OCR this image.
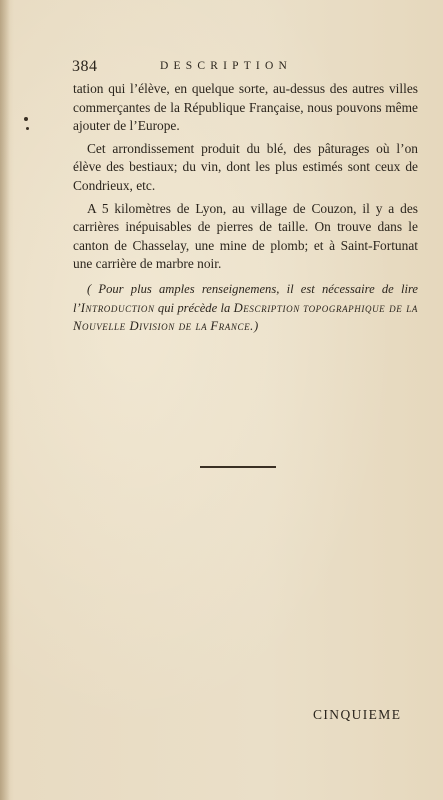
384	DESCRIPTION

tation qui l’élève, en quelque sorte, au-dessus des autres villes commerçantes de la République Française, nous pouvons même ajouter de l’Europe.

Cet arrondissement produit du blé, des pâturages où l’on élève des bestiaux; du vin, dont les plus estimés sont ceux de Condrieux, etc.

A 5 kilomètres de Lyon, au village de Couzon, il y a des carrières inépuisables de pierres de taille. On trouve dans le canton de Chasselay, une mine de plomb; et à Saint-Fortunat une carrière de marbre noir.

( Pour plus amples renseignemens, il est nécessaire de lire l’Introduction qui précède la Description topographique de la Nouvelle Division de la France.)

CINQUIEME
